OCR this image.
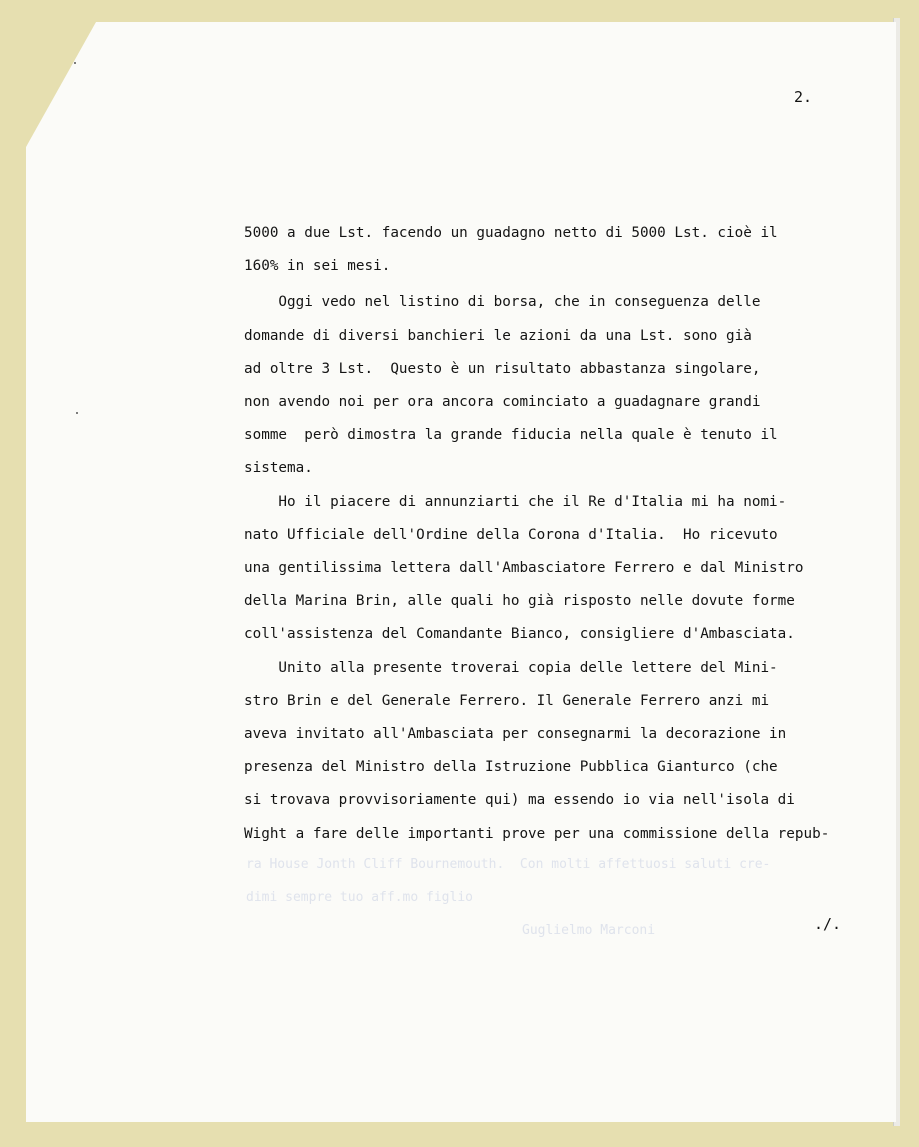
ra House Jonth Cliff Bournemouth.  Con molti affettuosi saluti cre-
dimi sempre tuo aff.mo figlio
Guglielmo Marconi
2.
5000 a due Lst. facendo un guadagno netto di 5000 Lst. cioè il
160% in sei mesi.
Oggi vedo nel listino di borsa, che in conseguenza delle
domande di diversi banchieri le azioni da una Lst. sono già
ad oltre 3 Lst.  Questo è un risultato abbastanza singolare,
non avendo noi per ora ancora cominciato a guadagnare grandi
somme  però dimostra la grande fiducia nella quale è tenuto il
sistema.
Ho il piacere di annunziarti che il Re d'Italia mi ha nomi-
nato Ufficiale dell'Ordine della Corona d'Italia.  Ho ricevuto
una gentilissima lettera dall'Ambasciatore Ferrero e dal Ministro
della Marina Brin, alle quali ho già risposto nelle dovute forme
coll'assistenza del Comandante Bianco, consigliere d'Ambasciata.
Unito alla presente troverai copia delle lettere del Mini-
stro Brin e del Generale Ferrero. Il Generale Ferrero anzi mi
aveva invitato all'Ambasciata per consegnarmi la decorazione in
presenza del Ministro della Istruzione Pubblica Gianturco (che
si trovava provvisoriamente qui) ma essendo io via nell'isola di
Wight a fare delle importanti prove per una commissione della repub-
./.
